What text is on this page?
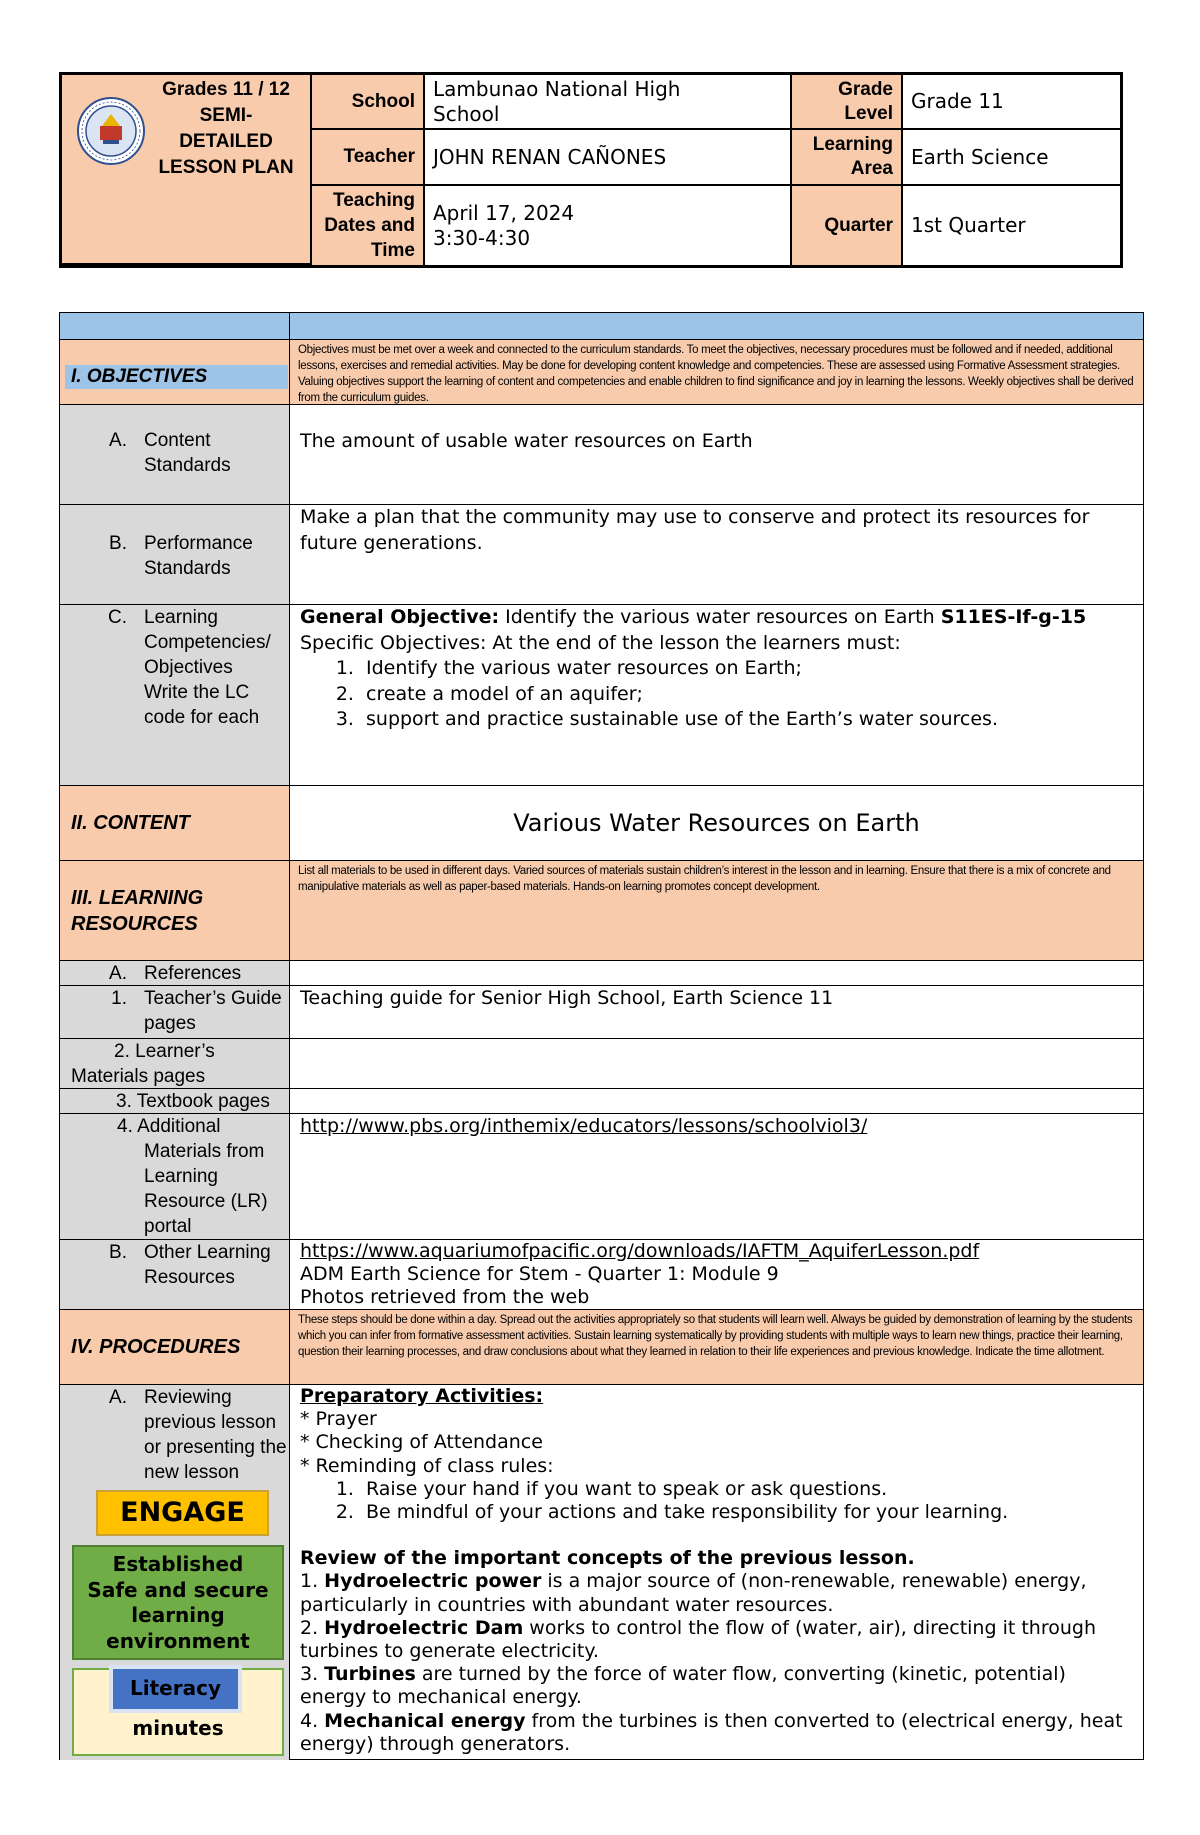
Grades 11 / 12
SEMI-
DETAILED
LESSON PLAN
School
Lambunao National High
School
Grade
Level Grade 11
Teacher JOHN RENAN CAÑONES	Learning
Area Earth Science
Teaching
Dates and
Time
April 17, 2024
3:30-4:30
Quarter 1st Quarter
I. OBJECTIVES
Objectives must be met over a week and connected to the curriculum standards. To meet the objectives, necessary procedures must be followed and if needed, additional lessons, exercises and remedial activities. May be done for developing content knowledge and competencies. These are assessed using Formative Assessment strategies. Valuing objectives support the learning of content and competencies and enable children to find significance and joy in learning the lessons. Weekly objectives shall be derived from the curriculum guides.
A. Content
Standards
The amount of usable water resources on Earth
B. Performance
Standards
Make a plan that the community may use to conserve and protect its resources for future generations.
C. Learning
Competencies/
Objectives
Write the LC
code for each
General Objective: Identify the various water resources on Earth S11ES-If-g-15
Specific Objectives: At the end of the lesson the learners must:
1. Identify the various water resources on Earth;
2. create a model of an aquifer;
3. support and practice sustainable use of the Earth’s water sources.
II. CONTENT	Various Water Resources on Earth
III. LEARNING
RESOURCES
List all materials to be used in different days. Varied sources of materials sustain children’s interest in the lesson and in learning. Ensure that there is a mix of concrete and manipulative materials as well as paper-based materials. Hands-on learning promotes concept development.
A. References
1. Teacher’s Guide
pages
Teaching guide for Senior High School, Earth Science 11
2. Learner’s
Materials pages
3. Textbook pages
4. Additional
Materials from
Learning
Resource (LR)
portal
http://www.pbs.org/inthemix/educators/lessons/schoolviol3/
B. Other Learning
Resources
https://www.aquariumofpacific.org/downloads/IAFTM_AquiferLesson.pdf
ADM Earth Science for Stem - Quarter 1: Module 9
Photos retrieved from the web
IV. PROCEDURES
These steps should be done within a day. Spread out the activities appropriately so that students will learn well. Always be guided by demonstration of learning by the students which you can infer from formative assessment activities. Sustain learning systematically by providing students with multiple ways to learn new things, practice their learning, question their learning processes, and draw conclusions about what they learned in relation to their life experiences and previous knowledge. Indicate the time allotment.
A. Reviewing
previous lesson
or presenting the
new lesson
ENGAGE
Established
Safe and secure
learning
environment
minutes
Literacy
Preparatory Activities:
* Prayer
* Checking of Attendance
* Reminding of class rules:
1. Raise your hand if you want to speak or ask questions.
2. Be mindful of your actions and take responsibility for your learning.
Review of the important concepts of the previous lesson.
1. Hydroelectric power is a major source of (non-renewable, renewable) energy, particularly in countries with abundant water resources.
2. Hydroelectric Dam works to control the flow of (water, air), directing it through turbines to generate electricity.
3. Turbines are turned by the force of water flow, converting (kinetic, potential) energy to mechanical energy.
4. Mechanical energy from the turbines is then converted to (electrical energy, heat energy) through generators.
